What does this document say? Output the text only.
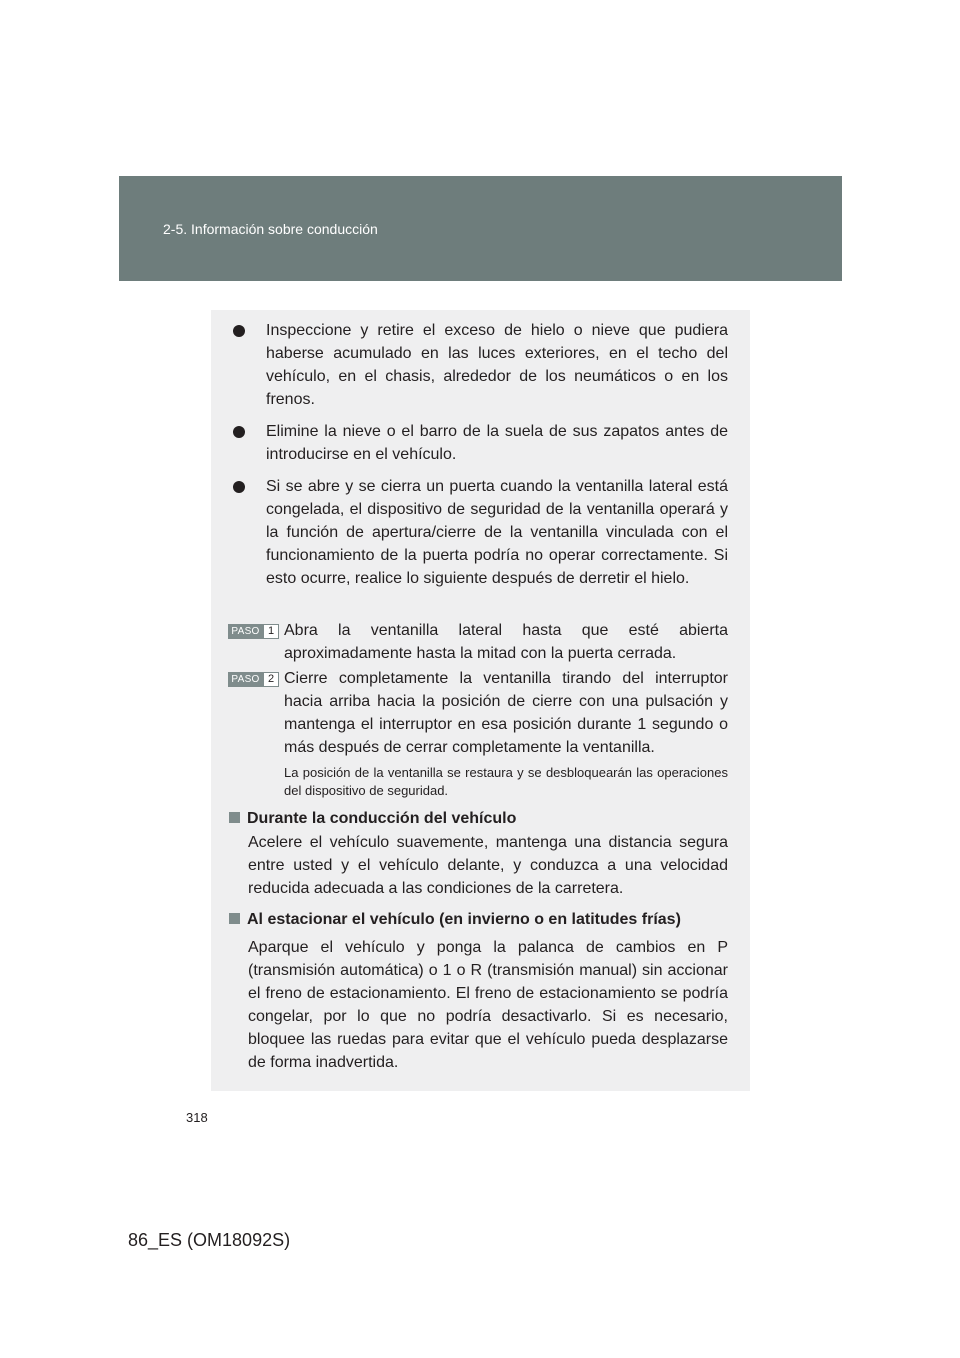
2-5. Información sobre conducción

Inspeccione y retire el exceso de hielo o nieve que pudiera haberse acumulado en las luces exteriores, en el techo del vehículo, en el chasis, alrededor de los neumáticos o en los frenos.

Elimine la nieve o el barro de la suela de sus zapatos antes de introducirse en el vehículo.

Si se abre y se cierra un puerta cuando la ventanilla lateral está congelada, el dispositivo de seguridad de la ventanilla operará y la función de apertura/cierre de la ventanilla vinculada con el funcionamiento de la puerta podría no operar correctamente. Si esto ocurre, realice lo siguiente después de derretir el hielo.

PASO 1 Abra la ventanilla lateral hasta que esté abierta aproximadamente hasta la mitad con la puerta cerrada.

PASO 2 Cierre completamente la ventanilla tirando del interruptor hacia arriba hacia la posición de cierre con una pulsación y mantenga el interruptor en esa posición durante 1 segundo o más después de cerrar completamente la ventanilla.

La posición de la ventanilla se restaura y se desbloquearán las operaciones del dispositivo de seguridad.
Durante la conducción del vehículo
Acelere el vehículo suavemente, mantenga una distancia segura entre usted y el vehículo delante, y conduzca a una velocidad reducida adecuada a las condiciones de la carretera.
Al estacionar el vehículo (en invierno o en latitudes frías)
Aparque el vehículo y ponga la palanca de cambios en P (transmisión automática) o 1 o R (transmisión manual) sin accionar el freno de estacionamiento. El freno de estacionamiento se podría congelar, por lo que no podría desactivarlo. Si es necesario, bloquee las ruedas para evitar que el vehículo pueda desplazarse de forma inadvertida.
318
86_ES (OM18092S)
